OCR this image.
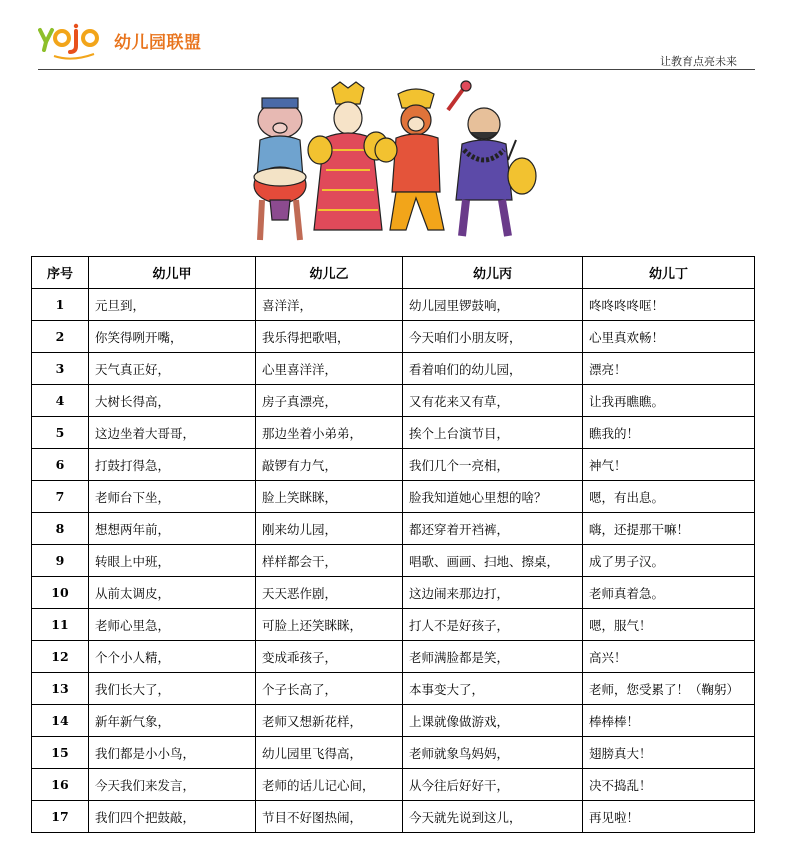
幼儿园联盟
让教育点亮未来
序号	幼儿甲	幼儿乙	幼儿丙	幼儿丁
1	元旦到，	喜洋洋，	幼儿园里锣鼓响，	咚咚咚咚哐！
2	你笑得咧开嘴，	我乐得把歌唱，	今天咱们小朋友呀，	心里真欢畅！
3	天气真正好，	心里喜洋洋，	看着咱们的幼儿园，	漂亮！
4	大树长得高，	房子真漂亮，	又有花来又有草，	让我再瞧瞧。
5	这边坐着大哥哥，	那边坐着小弟弟，	挨个上台演节目，	瞧我的！
6	打鼓打得急，	敲锣有力气，	我们几个一亮相，	神气！
7	老师台下坐，	脸上笑眯眯，	脸我知道她心里想的啥？	嗯，有出息。
8	想想两年前，	刚来幼儿园，	都还穿着开裆裤，	嗨，还提那干嘛！
9	转眼上中班，	样样都会干，	唱歌、画画、扫地、擦桌，	成了男子汉。
10	从前太调皮，	天天恶作剧，	这边闹来那边打，	老师真着急。
11	老师心里急，	可脸上还笑眯眯，	打人不是好孩子，	嗯，服气！
12	个个小人精，	变成乖孩子，	老师满脸都是笑，	高兴！
13	我们长大了，	个子长高了，	本事变大了，	老师，您受累了！（鞠躬）
14	新年新气象，	老师又想新花样，	上课就像做游戏，	棒棒棒！
15	我们都是小小鸟，	幼儿园里飞得高，	老师就象鸟妈妈，	翅膀真大！
16	今天我们来发言，	老师的话儿记心间，	从今往后好好干，	决不捣乱！
17	我们四个把鼓敲，	节目不好图热闹，	今天就先说到这儿，	再见啦！
